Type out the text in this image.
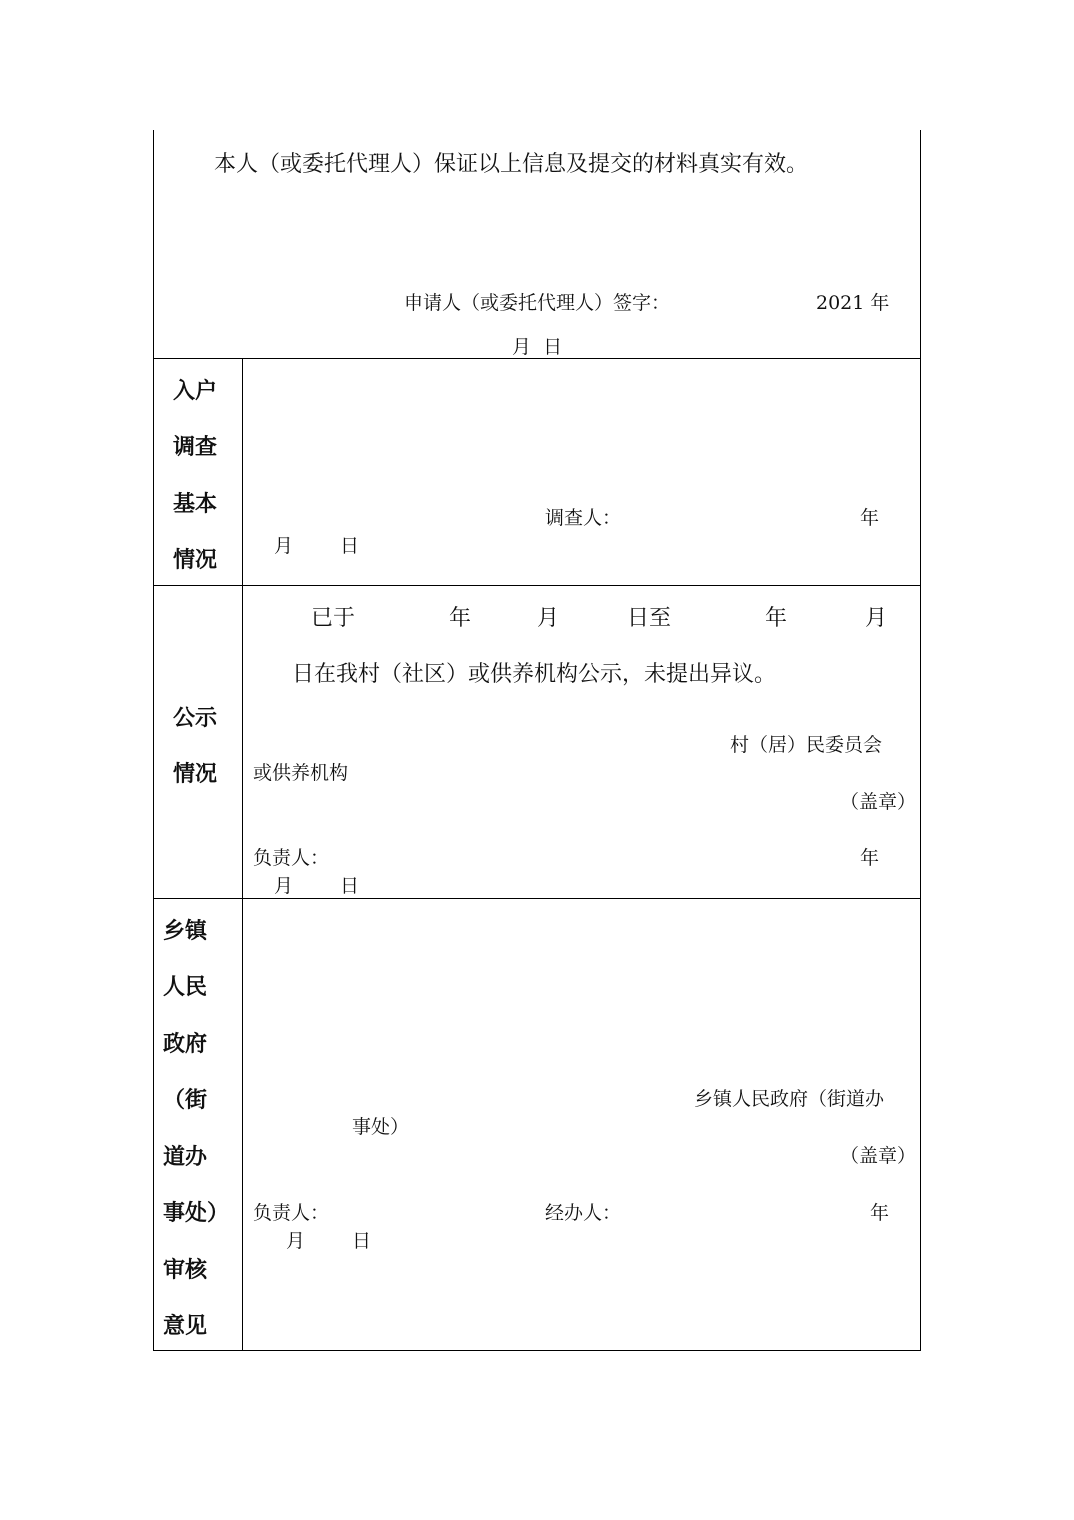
本人（或委托代理人）保证以上信息及提交的材料真实有效。
申请人（或委托代理人）签字：	2021 年
月  日
入户
调查
基本
情况
调查人：	年
月 日
公示
情况
已于	年	月	日至	年	月
日在我村（社区）或供养机构公示，未提出异议。
村（居）民委员会
或供养机构
（盖章）
负责人：	年
月 日
乡镇
人民
政府
（街
道办
事处）
审核
意见
乡镇人民政府（街道办
事处）
（盖章）
负责人：	经办人：	年
月 日
